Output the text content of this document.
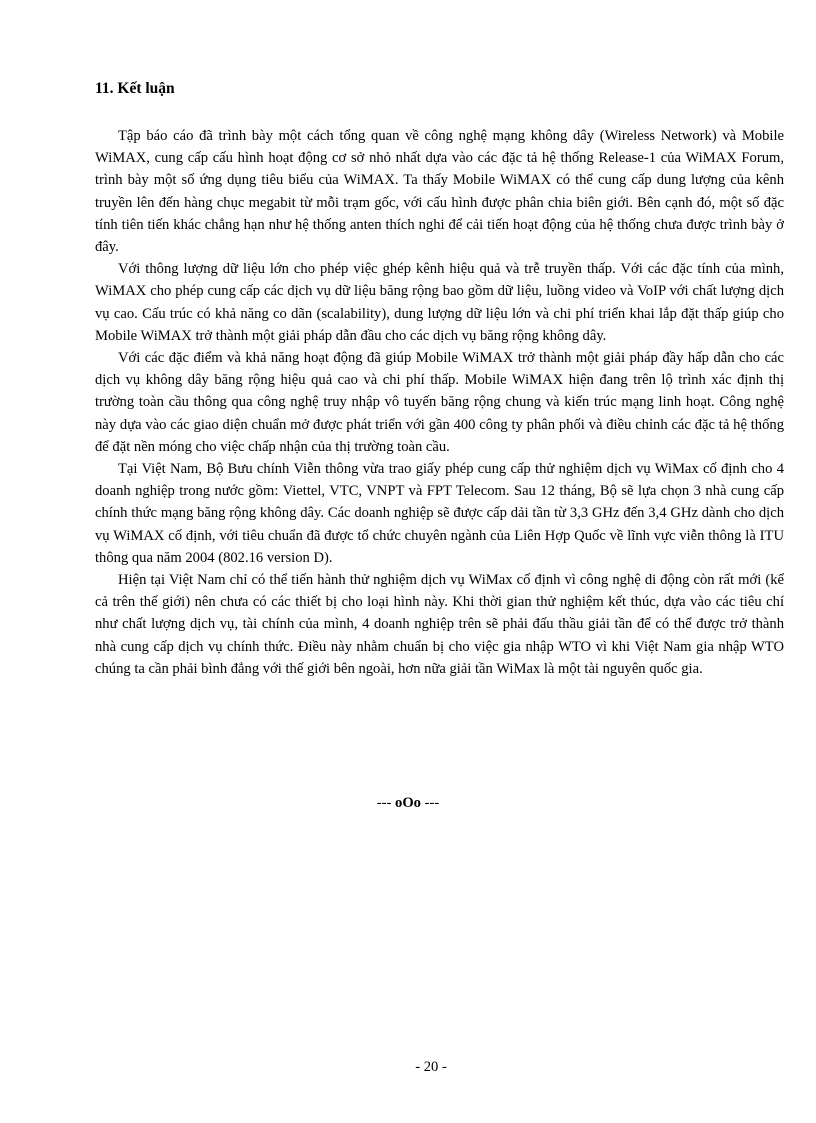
11. Kết luận

Tập báo cáo đã trình bày một cách tổng quan về công nghệ mạng không dây (Wireless Network) và Mobile WiMAX, cung cấp cấu hình hoạt động cơ sở nhỏ nhất dựa vào các đặc tả hệ thống Release-1 của WiMAX Forum, trình bày một số ứng dụng tiêu biểu của WiMAX. Ta thấy Mobile WiMAX có thể cung cấp dung lượng của kênh truyền lên đến hàng chục megabit từ mỗi trạm gốc, với cấu hình được phân chia biên giới. Bên cạnh đó, một số đặc tính tiên tiến khác chẳng hạn như hệ thống anten thích nghi để cải tiến hoạt động của hệ thống chưa được trình bày ở đây.

Với thông lượng dữ liệu lớn cho phép việc ghép kênh hiệu quả và trễ truyền thấp. Với các đặc tính của mình, WiMAX cho phép cung cấp các dịch vụ dữ liệu băng rộng bao gồm dữ liệu, luồng video và VoIP với chất lượng dịch vụ cao. Cấu trúc có khả năng co dãn (scalability), dung lượng dữ liệu lớn và chi phí triển khai lắp đặt thấp giúp cho Mobile WiMAX trở thành một giải pháp dẫn đầu cho các dịch vụ băng rộng không dây.

Với các đặc điểm và khả năng hoạt động đã giúp Mobile WiMAX trở thành một giải pháp đầy hấp dẫn cho các dịch vụ không dây băng rộng hiệu quả cao và chi phí thấp. Mobile WiMAX hiện đang trên lộ trình xác định thị trường toàn cầu thông qua công nghệ truy nhập vô tuyến băng rộng chung và kiến trúc mạng linh hoạt. Công nghệ này dựa vào các giao diện chuẩn mở được phát triển với gần 400 công ty phân phối và điều chỉnh các đặc tả hệ thống để đặt nền móng cho việc chấp nhận của thị trường toàn cầu.

Tại Việt Nam, Bộ Bưu chính Viễn thông vừa trao giấy phép cung cấp thử nghiệm dịch vụ WiMax cố định cho 4 doanh nghiệp trong nước gồm: Viettel, VTC, VNPT và FPT Telecom. Sau 12 tháng, Bộ sẽ lựa chọn 3 nhà cung cấp chính thức mạng băng rộng không dây. Các doanh nghiệp sẽ được cấp dải tần từ 3,3 GHz đến 3,4 GHz dành cho dịch vụ WiMAX cố định, với tiêu chuẩn đã được tổ chức chuyên ngành của Liên Hợp Quốc về lĩnh vực viễn thông là ITU thông qua năm 2004 (802.16 version D).

Hiện tại Việt Nam chỉ có thể tiến hành thử nghiệm dịch vụ WiMax cố định vì công nghệ di động còn rất mới (kể cả trên thế giới) nên chưa có các thiết bị cho loại hình này. Khi thời gian thử nghiệm kết thúc, dựa vào các tiêu chí như chất lượng dịch vụ, tài chính của mình, 4 doanh nghiệp trên sẽ phải đấu thầu giải tần để có thể được trở thành nhà cung cấp dịch vụ chính thức. Điều này nhằm chuẩn bị cho việc gia nhập WTO vì khi Việt Nam gia nhập WTO chúng ta cần phải bình đẳng với thế giới bên ngoài, hơn nữa giải tần WiMax là một tài nguyên quốc gia.

--- oOo ---
- 20 -
